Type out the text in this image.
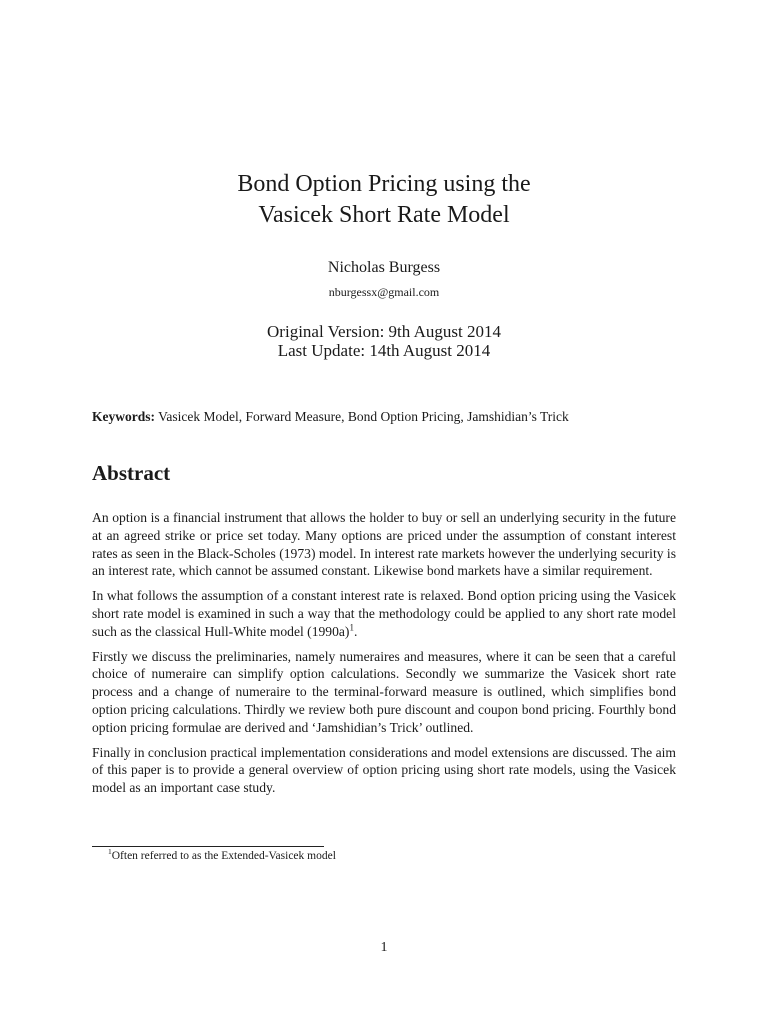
Bond Option Pricing using the
Vasicek Short Rate Model
Nicholas Burgess
nburgessx@gmail.com
Original Version: 9th August 2014
Last Update: 14th August 2014
Keywords: Vasicek Model, Forward Measure, Bond Option Pricing, Jamshidian’s Trick
Abstract

An option is a financial instrument that allows the holder to buy or sell an underlying security in the future at an agreed strike or price set today. Many options are priced under the assumption of constant interest rates as seen in the Black-Scholes (1973) model. In interest rate markets however the underlying security is an interest rate, which cannot be assumed constant. Likewise bond markets have a similar requirement.

In what follows the assumption of a constant interest rate is relaxed. Bond option pricing using the Vasicek short rate model is examined in such a way that the methodology could be applied to any short rate model such as the classical Hull-White model $(1990a)^1$.

Firstly we discuss the preliminaries, namely numeraires and measures, where it can be seen that a careful choice of numeraire can simplify option calculations. Secondly we summarize the Vasicek short rate process and a change of numeraire to the terminal-forward measure is outlined, which simplifies bond option pricing calculations. Thirdly we review both pure discount and coupon bond pricing. Fourthly bond option pricing formulae are derived and ‘Jamshidian’s Trick’ outlined.

Finally in conclusion practical implementation considerations and model extensions are discussed. The aim of this paper is to provide a general overview of option pricing using short rate models, using the Vasicek model as an important case study.

$^1$Often referred to as the Extended-Vasicek model
1
